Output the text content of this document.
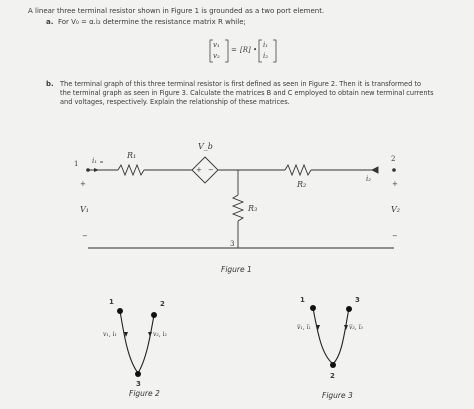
A linear three terminal resistor shown in Figure 1 is grounded as a two port element.
a. For V₀ = α.i₂ determine the resistance matrix R while;
v₁
v₂
= [R] •
i₁
i₂
b. The terminal graph of this three terminal resistor is first defined as seen in Figure 2. Then it is transformed to
the terminal graph as seen in Figure 3. Calculate the matrices B and C employed to obtain new terminal currents
and voltages, respectively. Explain the relationship of these matrices.
1 i₁
+
V₁
−
R₁
V_b
+ −
R₂
2
i₂
+
V₂
−
R₃
3
Figure 1
1	2
3
v₁, i₁	v₂, i₂
Figure 2
1	3
2
v̅₁, i̅₁	v̅₃, i̅₃
Figure 3
